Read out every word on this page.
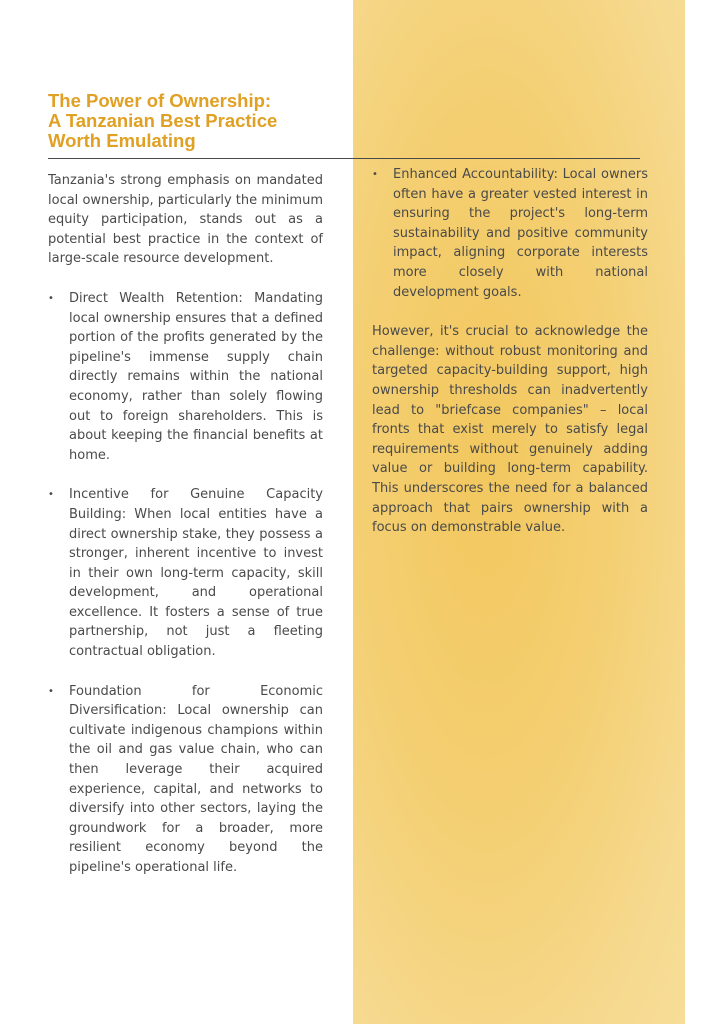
The Power of Ownership:
A Tanzanian Best Practice
Worth Emulating

Tanzania's strong emphasis on mandated local ownership, particularly the minimum equity participation, stands out as a potential best practice in the context of large-scale resource development.

• Direct Wealth Retention: Mandating local ownership ensures that a defined portion of the profits generated by the pipeline's immense supply chain directly remains within the national economy, rather than solely flowing out to foreign shareholders. This is about keeping the financial benefits at home.
• Incentive for Genuine Capacity Building: When local entities have a direct ownership stake, they possess a stronger, inherent incentive to invest in their own long-term capacity, skill development, and operational excellence. It fosters a sense of true partnership, not just a fleeting contractual obligation.
• Foundation for Economic Diversification: Local ownership can cultivate indigenous champions within the oil and gas value chain, who can then leverage their acquired experience, capital, and networks to diversify into other sectors, laying the groundwork for a broader, more resilient economy beyond the pipeline's operational life.
• Enhanced Accountability: Local owners often have a greater vested interest in ensuring the project's long-term sustainability and positive community impact, aligning corporate interests more closely with national development goals.

However, it's crucial to acknowledge the challenge: without robust monitoring and targeted capacity-building support, high ownership thresholds can inadvertently lead to "briefcase companies" – local fronts that exist merely to satisfy legal requirements without genuinely adding value or building long-term capability. This underscores the need for a balanced approach that pairs ownership with a focus on demonstrable value.
